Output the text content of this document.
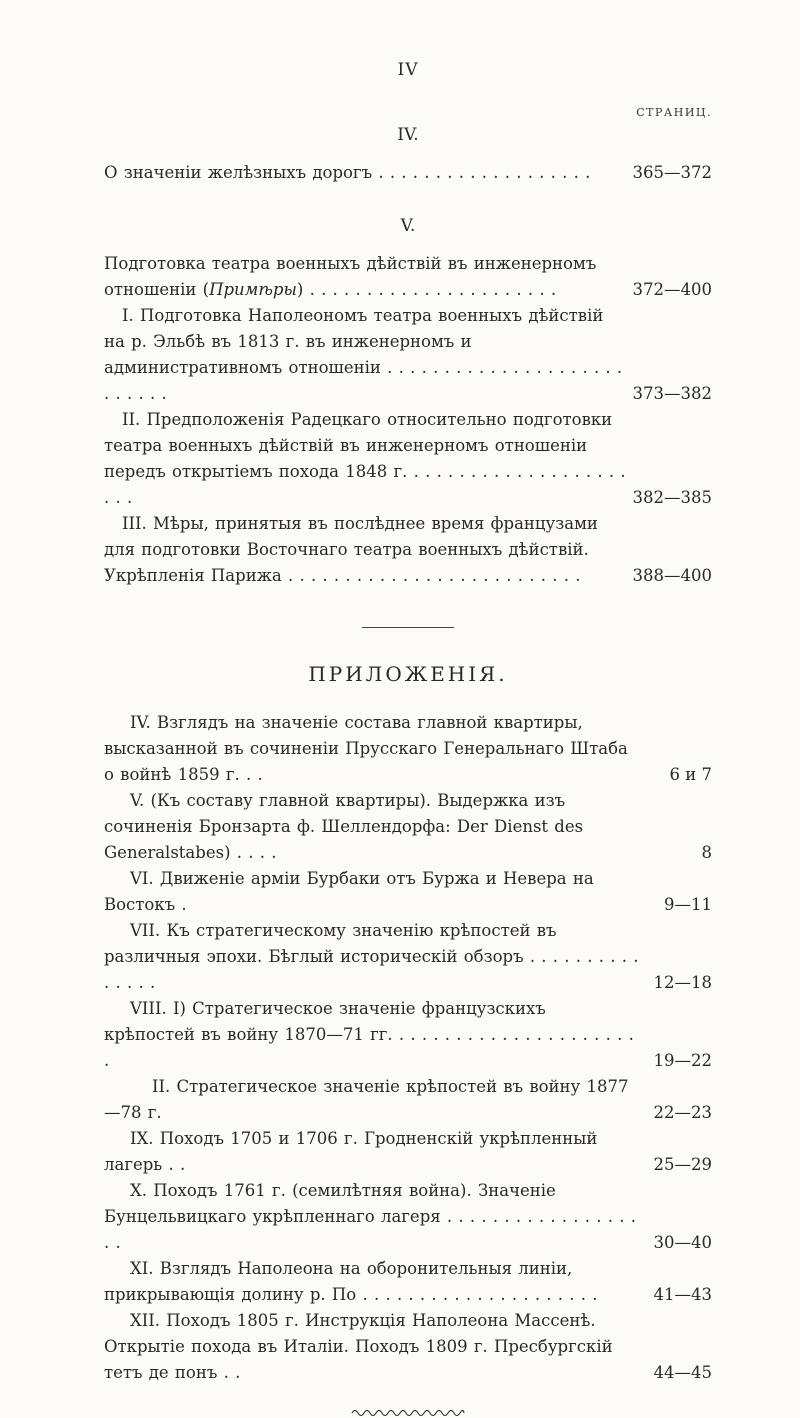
IV
СТРАНИЦ.
IV.
О значеніи желѣзныхъ дорогъ . . . . . . . . . . . . . . . . . . .	365—372
V.
Подготовка театра военныхъ дѣйствій въ инженерномъ отношеніи (Примѣры) . . . . . . . . . . . . . . . . . . . . . .	372—400
I. Подготовка Наполеономъ театра военныхъ дѣйствій на р. Эльбѣ въ 1813 г. въ инженерномъ и административномъ отношеніи . . . . . . . . . . . . . . . . . . . . . . . . . . .	373—382
II. Предположенія Радецкаго относительно подготовки театра военныхъ дѣйствій въ инженерномъ отношеніи передъ открытіемъ похода 1848 г. . . . . . . . . . . . . . . . . . . . . . .	382—385
III. Мѣры, принятыя въ послѣднее время французами для подготовки Восточнаго театра военныхъ дѣйствій. Укрѣпленія Парижа . . . . . . . . . . . . . . . . . . . . . . . . . .	388—400
ПРИЛОЖЕНІЯ.
IV. Взглядъ на значеніе состава главной квартиры, высказанной въ сочиненіи Прусскаго Генеральнаго Штаба о войнѣ 1859 г. . .	6 и 7
V. (Къ составу главной квартиры). Выдержка изъ сочиненія Бронзарта ф. Шеллендорфа: Der Dienst des Generalstabes) . . . .	8
VI. Движеніе арміи Бурбаки отъ Буржа и Невера на Востокъ .	9—11
VII. Къ стратегическому значенію крѣпостей въ различныя эпохи. Бѣглый историческій обзоръ . . . . . . . . . . . . . . .	12—18
VIII. I) Стратегическое значеніе французскихъ крѣпостей въ войну 1870—71 гг. . . . . . . . . . . . . . . . . . . . . . .	19—22
II. Стратегическое значеніе крѣпостей въ войну 1877—78 г.	22—23
IX. Походъ 1705 и 1706 г. Гродненскій укрѣпленный лагерь . .	25—29
X. Походъ 1761 г. (семилѣтняя война). Значеніе Бунцельвицкаго укрѣпленнаго лагеря . . . . . . . . . . . . . . . . . . .	30—40
XI. Взглядъ Наполеона на оборонительныя линіи, прикрывающія долину р. По . . . . . . . . . . . . . . . . . . . . .	41—43
XII. Походъ 1805 г. Инструкція Наполеона Массенѣ. Открытіе похода въ Италіи. Походъ 1809 г. Пресбургскій тетъ де понъ . .	44—45
